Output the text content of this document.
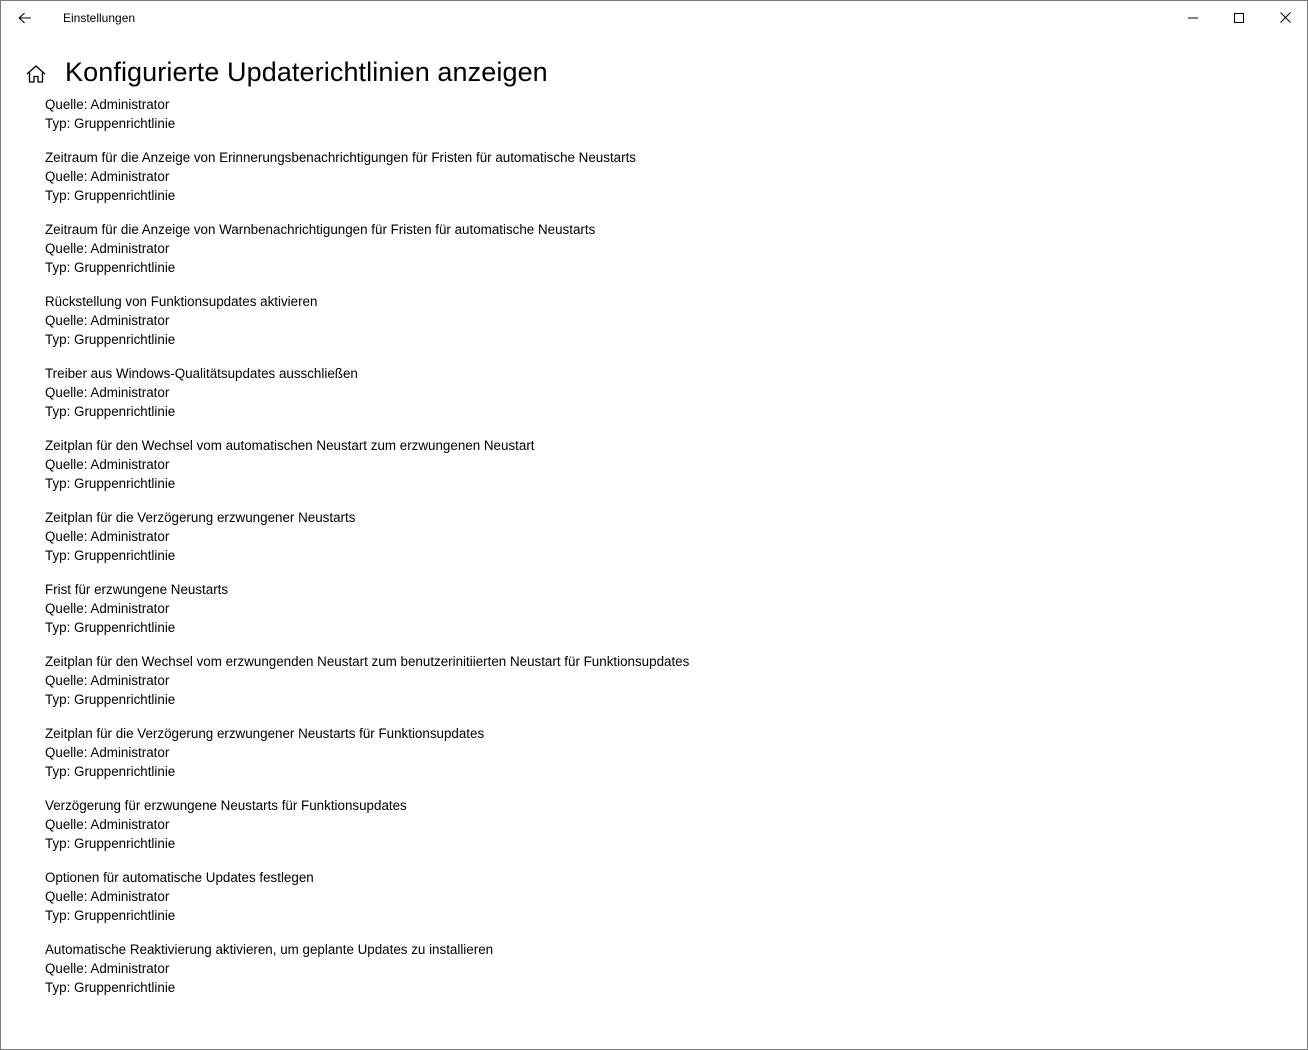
Einstellungen
Konfigurierte Updaterichtlinien anzeigen
Quelle: Administrator
Typ: Gruppenrichtlinie
Zeitraum für die Anzeige von Erinnerungsbenachrichtigungen für Fristen für automatische Neustarts
Quelle: Administrator
Typ: Gruppenrichtlinie
Zeitraum für die Anzeige von Warnbenachrichtigungen für Fristen für automatische Neustarts
Quelle: Administrator
Typ: Gruppenrichtlinie
Rückstellung von Funktionsupdates aktivieren
Quelle: Administrator
Typ: Gruppenrichtlinie
Treiber aus Windows-Qualitätsupdates ausschließen
Quelle: Administrator
Typ: Gruppenrichtlinie
Zeitplan für den Wechsel vom automatischen Neustart zum erzwungenen Neustart
Quelle: Administrator
Typ: Gruppenrichtlinie
Zeitplan für die Verzögerung erzwungener Neustarts
Quelle: Administrator
Typ: Gruppenrichtlinie
Frist für erzwungene Neustarts
Quelle: Administrator
Typ: Gruppenrichtlinie
Zeitplan für den Wechsel vom erzwungenden Neustart zum benutzerinitiierten Neustart für Funktionsupdates
Quelle: Administrator
Typ: Gruppenrichtlinie
Zeitplan für die Verzögerung erzwungener Neustarts für Funktionsupdates
Quelle: Administrator
Typ: Gruppenrichtlinie
Verzögerung für erzwungene Neustarts für Funktionsupdates
Quelle: Administrator
Typ: Gruppenrichtlinie
Optionen für automatische Updates festlegen
Quelle: Administrator
Typ: Gruppenrichtlinie
Automatische Reaktivierung aktivieren, um geplante Updates zu installieren
Quelle: Administrator
Typ: Gruppenrichtlinie
